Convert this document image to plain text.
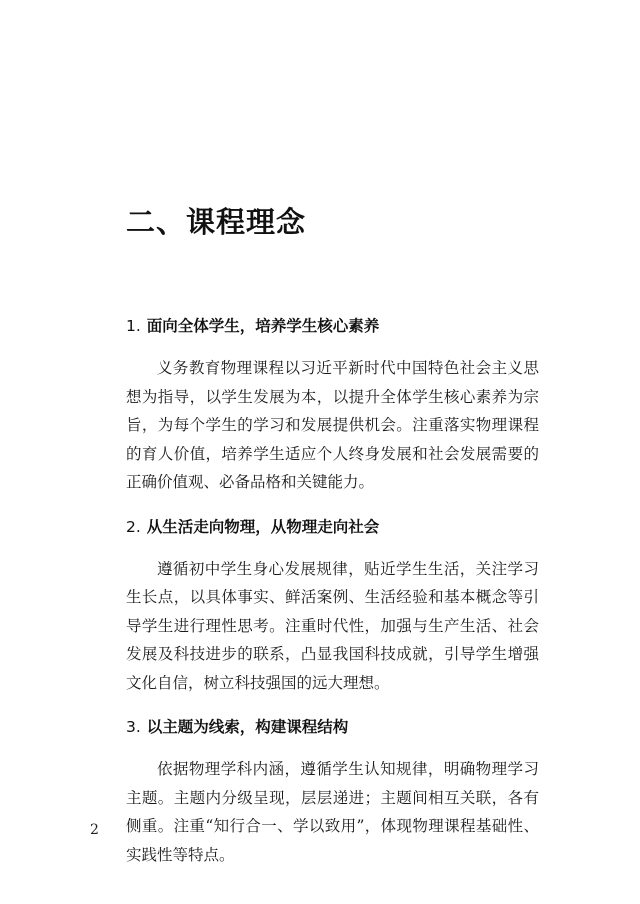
二、课程理念
1. 面向全体学生，培养学生核心素养

义务教育物理课程以习近平新时代中国特色社会主义思想为指导，以学生发展为本，以提升全体学生核心素养为宗旨，为每个学生的学习和发展提供机会。注重落实物理课程的育人价值，培养学生适应个人终身发展和社会发展需要的正确价值观、必备品格和关键能力。

2. 从生活走向物理，从物理走向社会

遵循初中学生身心发展规律，贴近学生生活，关注学习生长点，以具体事实、鲜活案例、生活经验和基本概念等引导学生进行理性思考。注重时代性，加强与生产生活、社会发展及科技进步的联系，凸显我国科技成就，引导学生增强文化自信，树立科技强国的远大理想。

3. 以主题为线索，构建课程结构

依据物理学科内涵，遵循学生认知规律，明确物理学习主题。主题内分级呈现，层层递进；主题间相互关联，各有侧重。注重“知行合一、学以致用”，体现物理课程基础性、实践性等特点。

2
